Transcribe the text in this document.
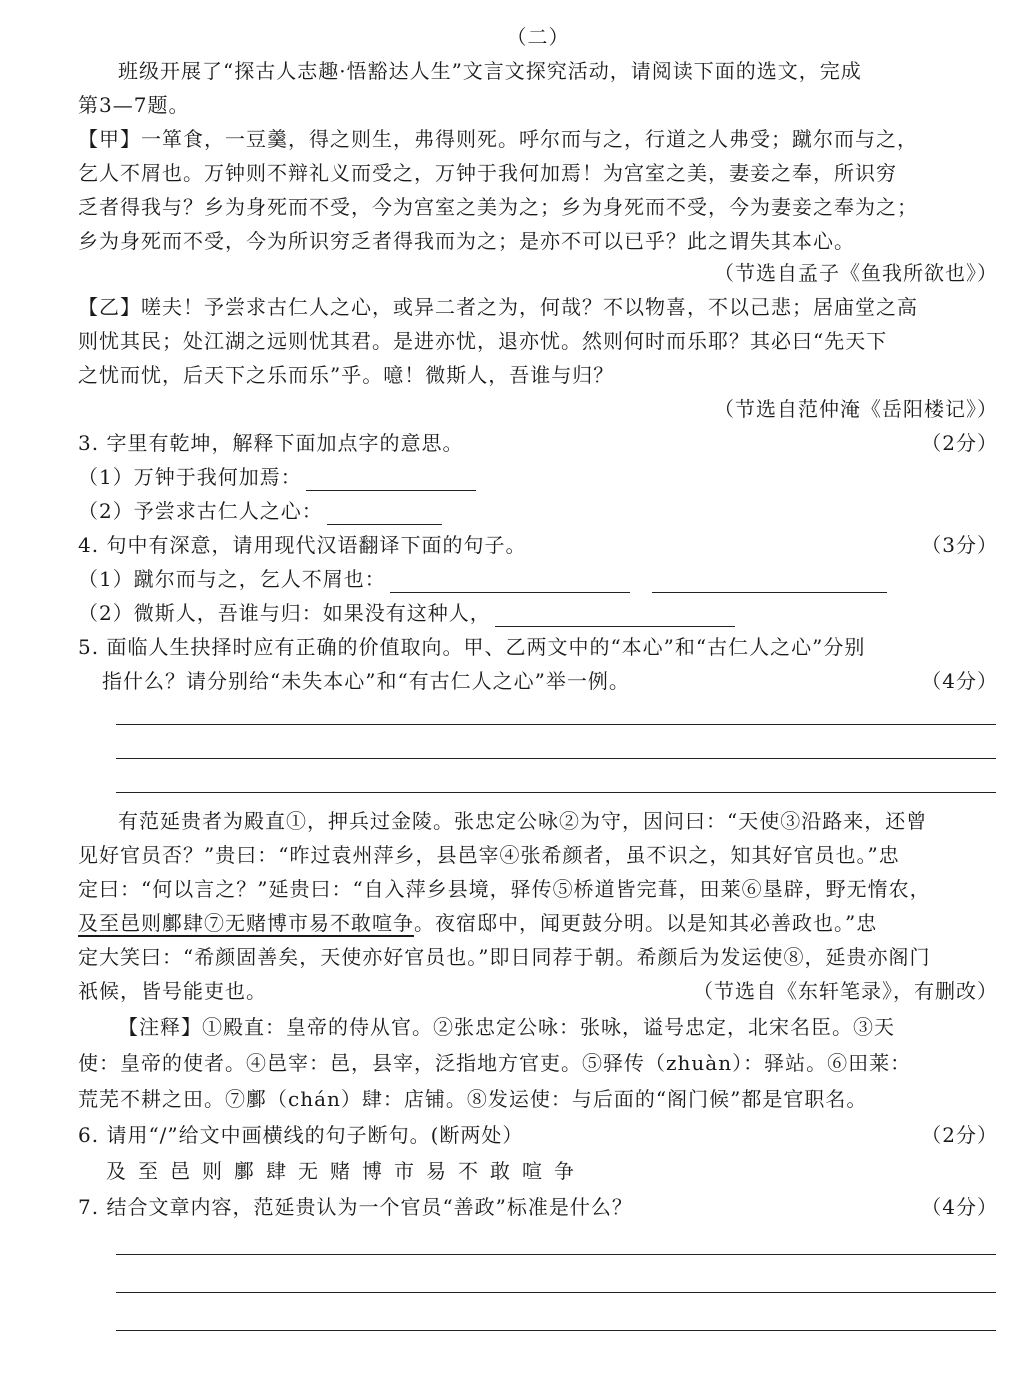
（二）
班级开展了“探古人志趣·悟豁达人生”文言文探究活动，请阅读下面的选文，完成
第3—7题。
【甲】一箪食，一豆羹，得之则生，弗得则死。呼尔而与之，行道之人弗受；蹴尔而与之，
乞人不屑也。万钟则不辩礼义而受之，万钟于我何加焉！为宫室之美，妻妾之奉，所识穷
乏者得我与？乡为身死而不受，今为宫室之美为之；乡为身死而不受，今为妻妾之奉为之；
乡为身死而不受，今为所识穷乏者得我而为之；是亦不可以已乎？此之谓失其本心。
（节选自孟子《鱼我所欲也》）
【乙】嗟夫！予尝求古仁人之心，或异二者之为，何哉？不以物喜，不以己悲；居庙堂之高
则忧其民；处江湖之远则忧其君。是进亦忧，退亦忧。然则何时而乐耶？其必曰“先天下
之忧而忧，后天下之乐而乐”乎。噫！微斯人，吾谁与归？
（节选自范仲淹《岳阳楼记》）
3. 字里有乾坤，解释下面加点字的意思。	（2分）
（1）万钟于我何加焉：
（2）予尝求古仁人之心：
4. 句中有深意，请用现代汉语翻译下面的句子。	（3分）
（1）蹴尔而与之，乞人不屑也：
（2）微斯人，吾谁与归：如果没有这种人，
5. 面临人生抉择时应有正确的价值取向。甲、乙两文中的“本心”和“古仁人之心”分别
指什么？请分别给“未失本心”和“有古仁人之心”举一例。	（4分）
有范延贵者为殿直①，押兵过金陵。张忠定公咏②为守，因问曰：“天使③沿路来，还曾
见好官员否？”贵曰：“昨过袁州萍乡，县邑宰④张希颜者，虽不识之，知其好官员也。”忠
定曰：“何以言之？”延贵曰：“自入萍乡县境，驿传⑤桥道皆完葺，田莱⑥垦辟，野无惰农，
及至邑则鄽肆⑦无赌博市易不敢喧争。夜宿邸中，闻更鼓分明。以是知其必善政也。”忠
定大笑曰：“希颜固善矣，天使亦好官员也。”即日同荐于朝。希颜后为发运使⑧，延贵亦阁门
祇候，皆号能吏也。	（节选自《东轩笔录》，有删改）
【注释】①殿直：皇帝的侍从官。②张忠定公咏：张咏，谥号忠定，北宋名臣。③天
使：皇帝的使者。④邑宰：邑，县宰，泛指地方官吏。⑤驿传（zhuàn）：驿站。⑥田莱：
荒芜不耕之田。⑦鄽（chán）肆：店铺。⑧发运使：与后面的“阁门候”都是官职名。
6. 请用“/”给文中画横线的句子断句。(断两处）	（2分）
及至邑则鄽肆无赌博市易不敢喧争
7. 结合文章内容，范延贵认为一个官员“善政”标准是什么？	（4分）
